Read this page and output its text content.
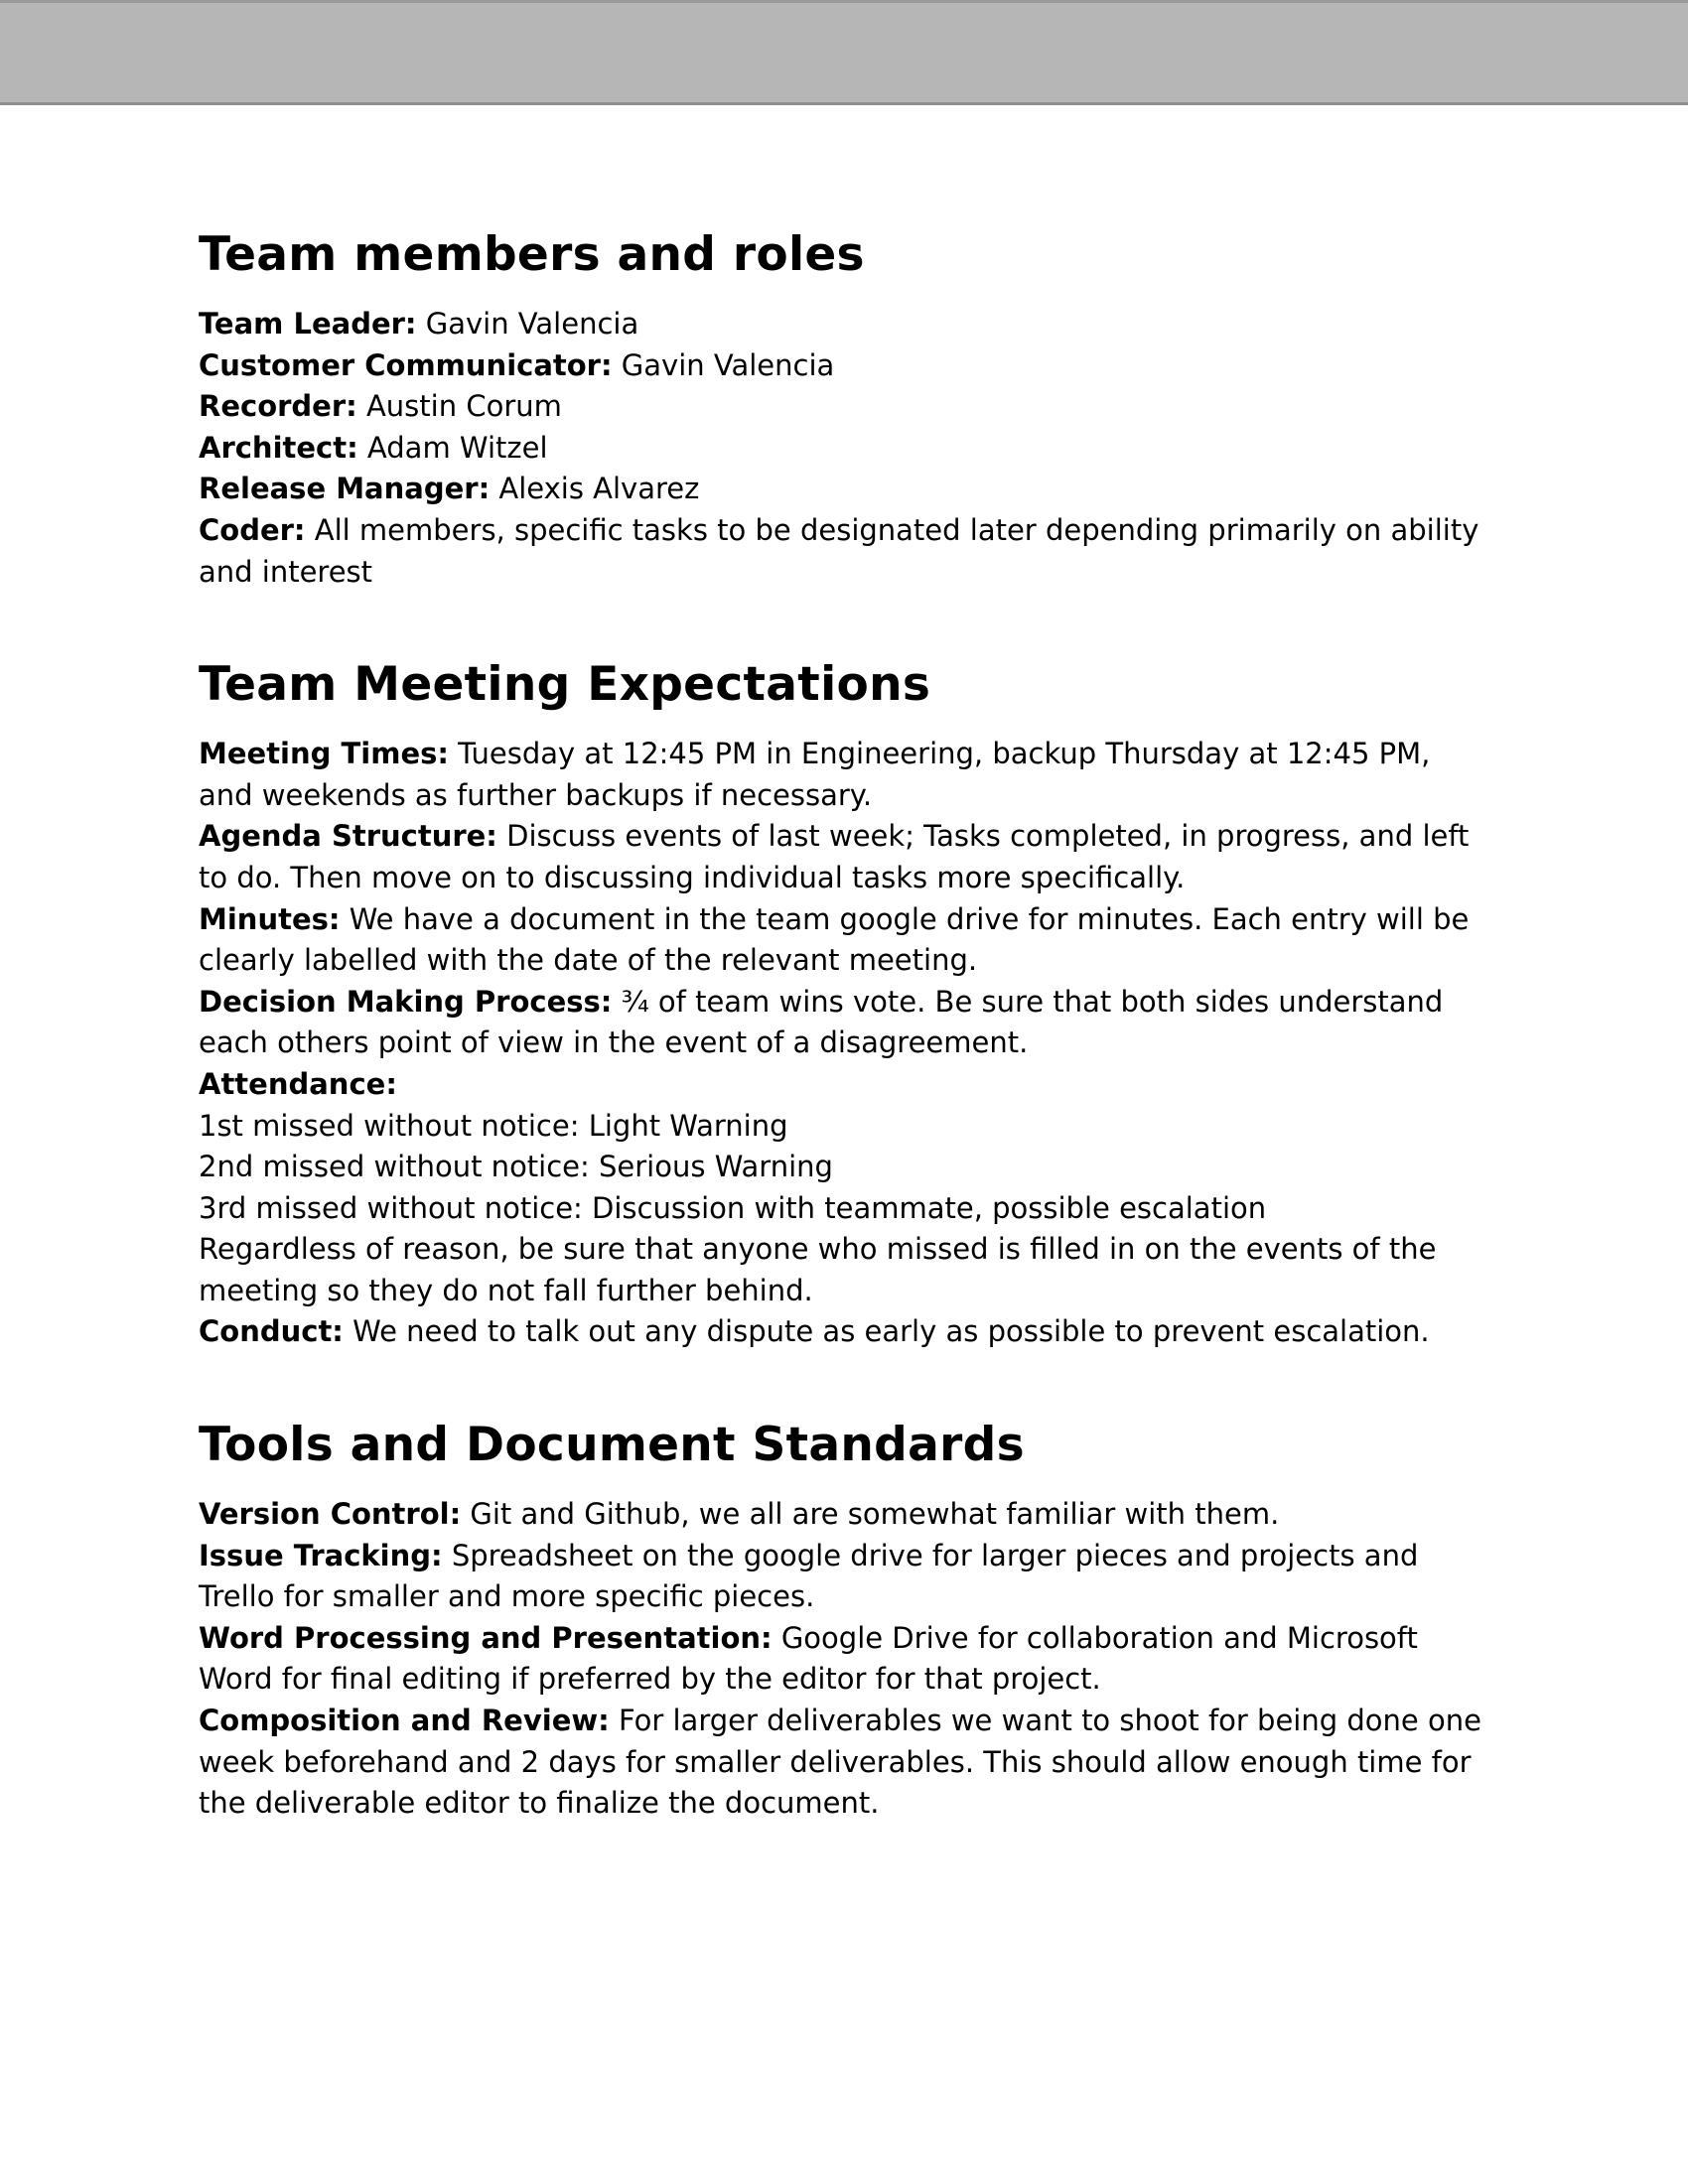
Team members and roles

Team Leader: Gavin Valencia

Customer Communicator: Gavin Valencia

Recorder: Austin Corum

Architect: Adam Witzel

Release Manager: Alexis Alvarez

Coder: All members, specific tasks to be designated later depending primarily on ability and interest

Team Meeting Expectations

Meeting Times: Tuesday at 12:45 PM in Engineering, backup Thursday at 12:45 PM, and weekends as further backups if necessary.

Agenda Structure: Discuss events of last week; Tasks completed, in progress, and left to do. Then move on to discussing individual tasks more specifically.

Minutes: We have a document in the team google drive for minutes. Each entry will be clearly labelled with the date of the relevant meeting.

Decision Making Process: ¾ of team wins vote. Be sure that both sides understand each others point of view in the event of a disagreement.

Attendance:

1st missed without notice: Light Warning

2nd missed without notice: Serious Warning

3rd missed without notice: Discussion with teammate, possible escalation

Regardless of reason, be sure that anyone who missed is filled in on the events of the meeting so they do not fall further behind.

Conduct: We need to talk out any dispute as early as possible to prevent escalation.

Tools and Document Standards

Version Control: Git and Github, we all are somewhat familiar with them.

Issue Tracking: Spreadsheet on the google drive for larger pieces and projects and Trello for smaller and more specific pieces.

Word Processing and Presentation: Google Drive for collaboration and Microsoft Word for final editing if preferred by the editor for that project.

Composition and Review: For larger deliverables we want to shoot for being done one week beforehand and 2 days for smaller deliverables. This should allow enough time for the deliverable editor to finalize the document.
